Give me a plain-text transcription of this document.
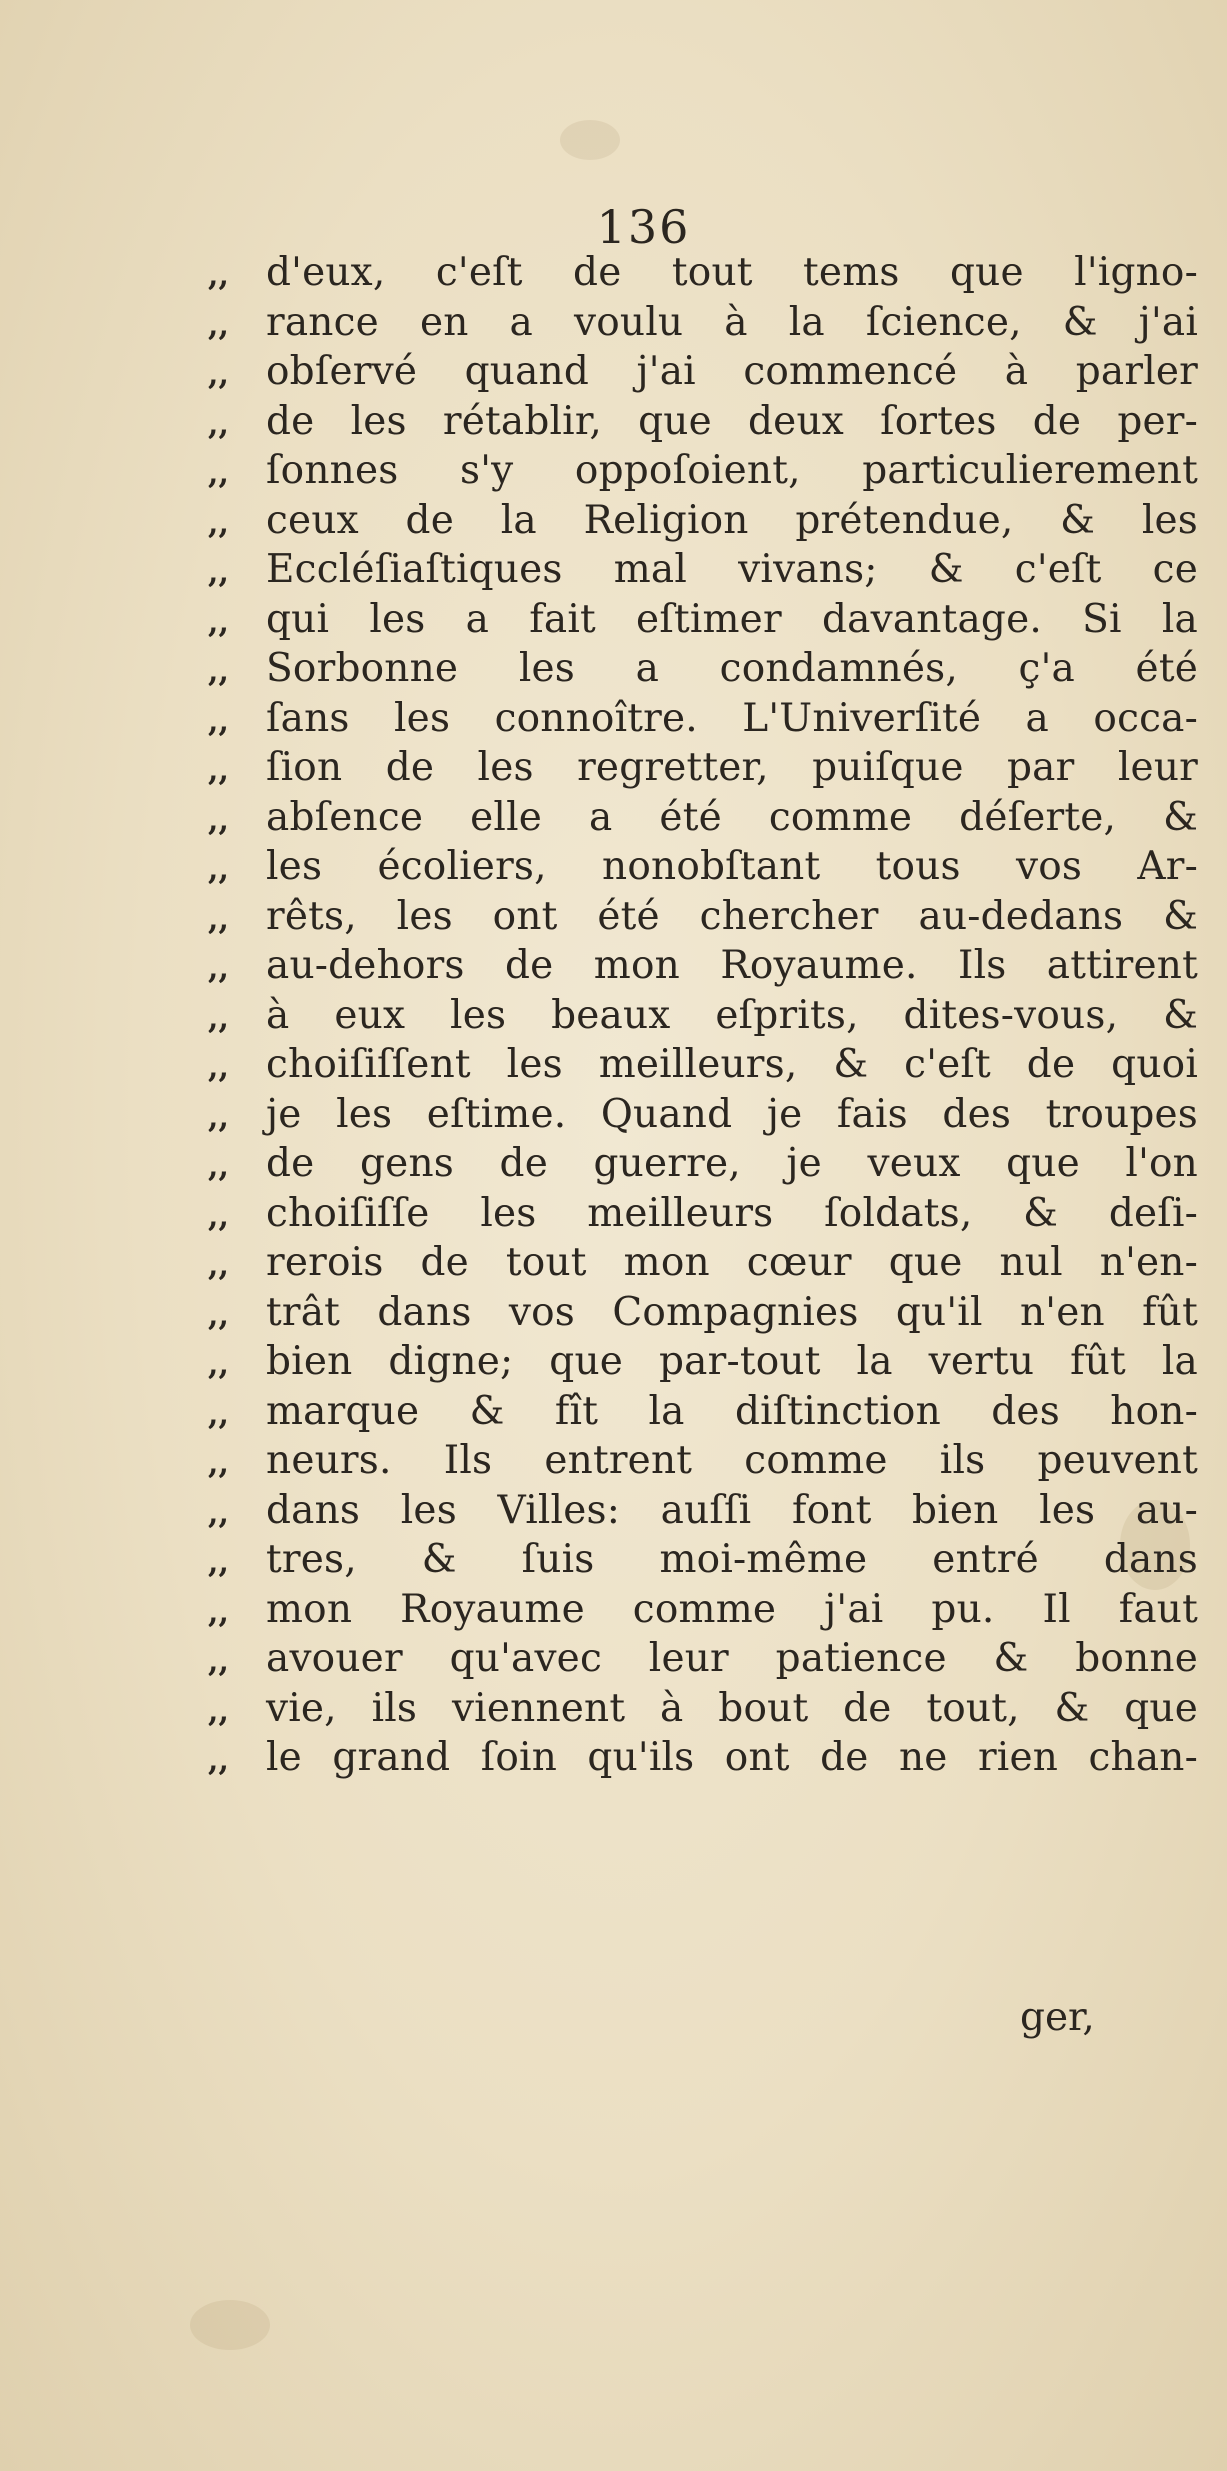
136
,, d'eux, c'eſt de tout tems que l'igno-
,, rance en a voulu à la ſcience, & j'ai
,, obſervé quand j'ai commencé à parler
,, de les rétablir, que deux ſortes de per-
,, ſonnes s'y oppoſoient, particulierement
,, ceux de la Religion prétendue, & les
,, Eccléſiaſtiques mal vivans; & c'eſt ce
,, qui les a fait eſtimer davantage. Si la
,, Sorbonne les a condamnés, ç'a été
,, ſans les connoître. L'Univerſité a occa-
,, ſion de les regretter, puiſque par leur
,, abſence elle a été comme déſerte, &
,, les écoliers, nonobſtant tous vos Ar-
,, rêts, les ont été chercher au-dedans &
,, au-dehors de mon Royaume. Ils attirent
,, à eux les beaux eſprits, dites-vous, &
,, choiſiſſent les meilleurs, & c'eſt de quoi
,, je les eſtime. Quand je fais des troupes
,, de gens de guerre, je veux que l'on
,, choiſiſſe les meilleurs ſoldats, & deſi-
,, rerois de tout mon cœur que nul n'en-
,, trât dans vos Compagnies qu'il n'en fût
,, bien digne; que par-tout la vertu fût la
,, marque & fît la diſtinction des hon-
,, neurs. Ils entrent comme ils peuvent
,, dans les Villes: auſſi font bien les au-
,, tres, & ſuis moi-même entré dans
,, mon Royaume comme j'ai pu. Il faut
,, avouer qu'avec leur patience & bonne
,, vie, ils viennent à bout de tout, & que
,, le grand ſoin qu'ils ont de ne rien chan-
ger,
